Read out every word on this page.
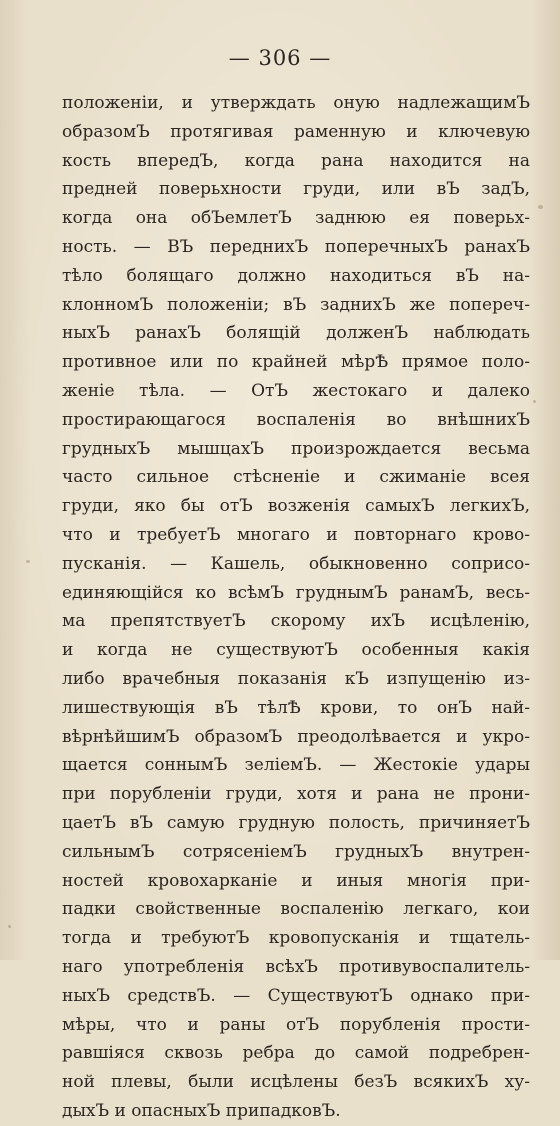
— 306 —
положеніи, и утверждать оную надлежащимЪ
образомЪ протягивая раменную и ключевую
кость впередЪ, когда рана находится на
предней поверьхности груди, или вЪ задЪ,
когда она обЪемлетЪ заднюю ея поверьх-
ность. — ВЪ переднихЪ поперечныхЪ ранахЪ
тѣло болящаго должно находиться вЪ на-
клонномЪ положеніи; вЪ заднихЪ же попереч-
ныхЪ ранахЪ болящій долженЪ наблюдать
противное или по крайней мѣрѢ прямое поло-
женіе тѣла. — ОтЪ жестокаго и далеко
простирающагося воспаленія во внѣшнихЪ
грудныхЪ мышцахЪ произрождается весьма
часто сильное стѣсненіе и сжиманіе всея
груди, яко бы отЪ возженія самыхЪ легкихЪ,
что и требуетЪ многаго и повторнаго крово-
пусканія. — Кашель, обыкновенно соприсо-
единяющійся ко всѣмЪ груднымЪ ранамЪ, весь-
ма препятствуетЪ скорому ихЪ исцѣленію,
и когда не существуютЪ особенныя какія
либо врачебныя показанія кЪ изпущенію из-
лишествующія вЪ тѣлѢ крови, то онЪ най-
вѣрнѣйшимЪ образомЪ преодолѣвается и укро-
щается соннымЪ зеліемЪ. — Жестокіе удары
при порубленіи груди, хотя и рана не прони-
цаетЪ вЪ самую грудную полость, причиняетЪ
сильнымЪ сотрясеніемЪ грудныхЪ внутрен-
ностей кровохарканіе и иныя многія при-
падки свойственные воспаленію легкаго, кои
тогда и требуютЪ кровопусканія и тщатель-
наго употребленія всѣхЪ противувоспалитель-
ныхЪ средствЪ. — СуществуютЪ однако при-
мѣры, что и раны отЪ порубленія прости-
равшіяся сквозь ребра до самой подребрен-
ной плевы, были исцѣлены безЪ всякихЪ ху-
дыхЪ и опасныхЪ припадковЪ.
